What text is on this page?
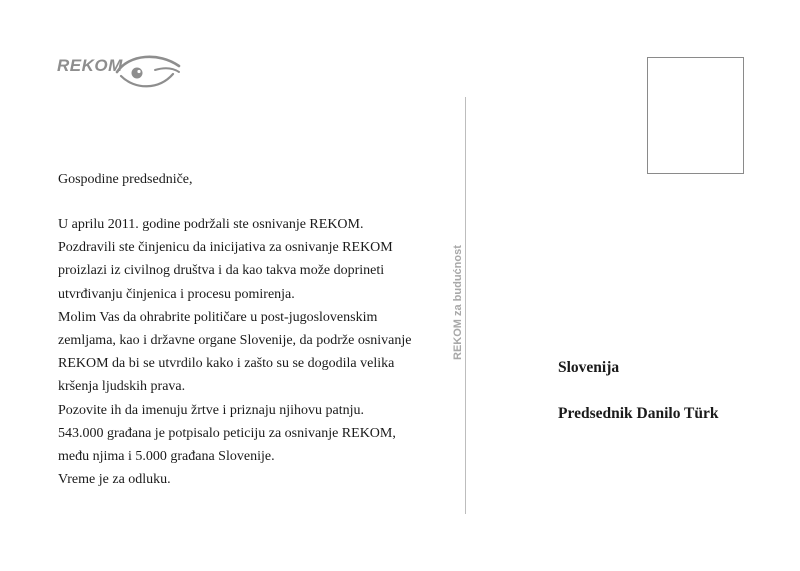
REKOM

Gospodine predsedniče,

U aprilu 2011. godine podržali ste osnivanje REKOM.
Pozdravili ste činjenicu da inicijativa za osnivanje REKOM
proizlazi iz civilnog društva i da kao takva može doprineti
utvrđivanju činjenica i procesu pomirenja.
Molim Vas da ohrabrite političare u post-jugoslovenskim
zemljama, kao i državne organe Slovenije, da podrže osnivanje
REKOM da bi se utvrdilo kako i zašto su se dogodila velika
kršenja ljudskih prava.
Pozovite ih da imenuju žrtve i priznaju njihovu patnju.
543.000 građana je potpisalo peticiju za osnivanje REKOM,
među njima i 5.000 građana Slovenije.
Vreme je za odluku.

REKOM za budućnost
Slovenija
Predsednik Danilo Türk
